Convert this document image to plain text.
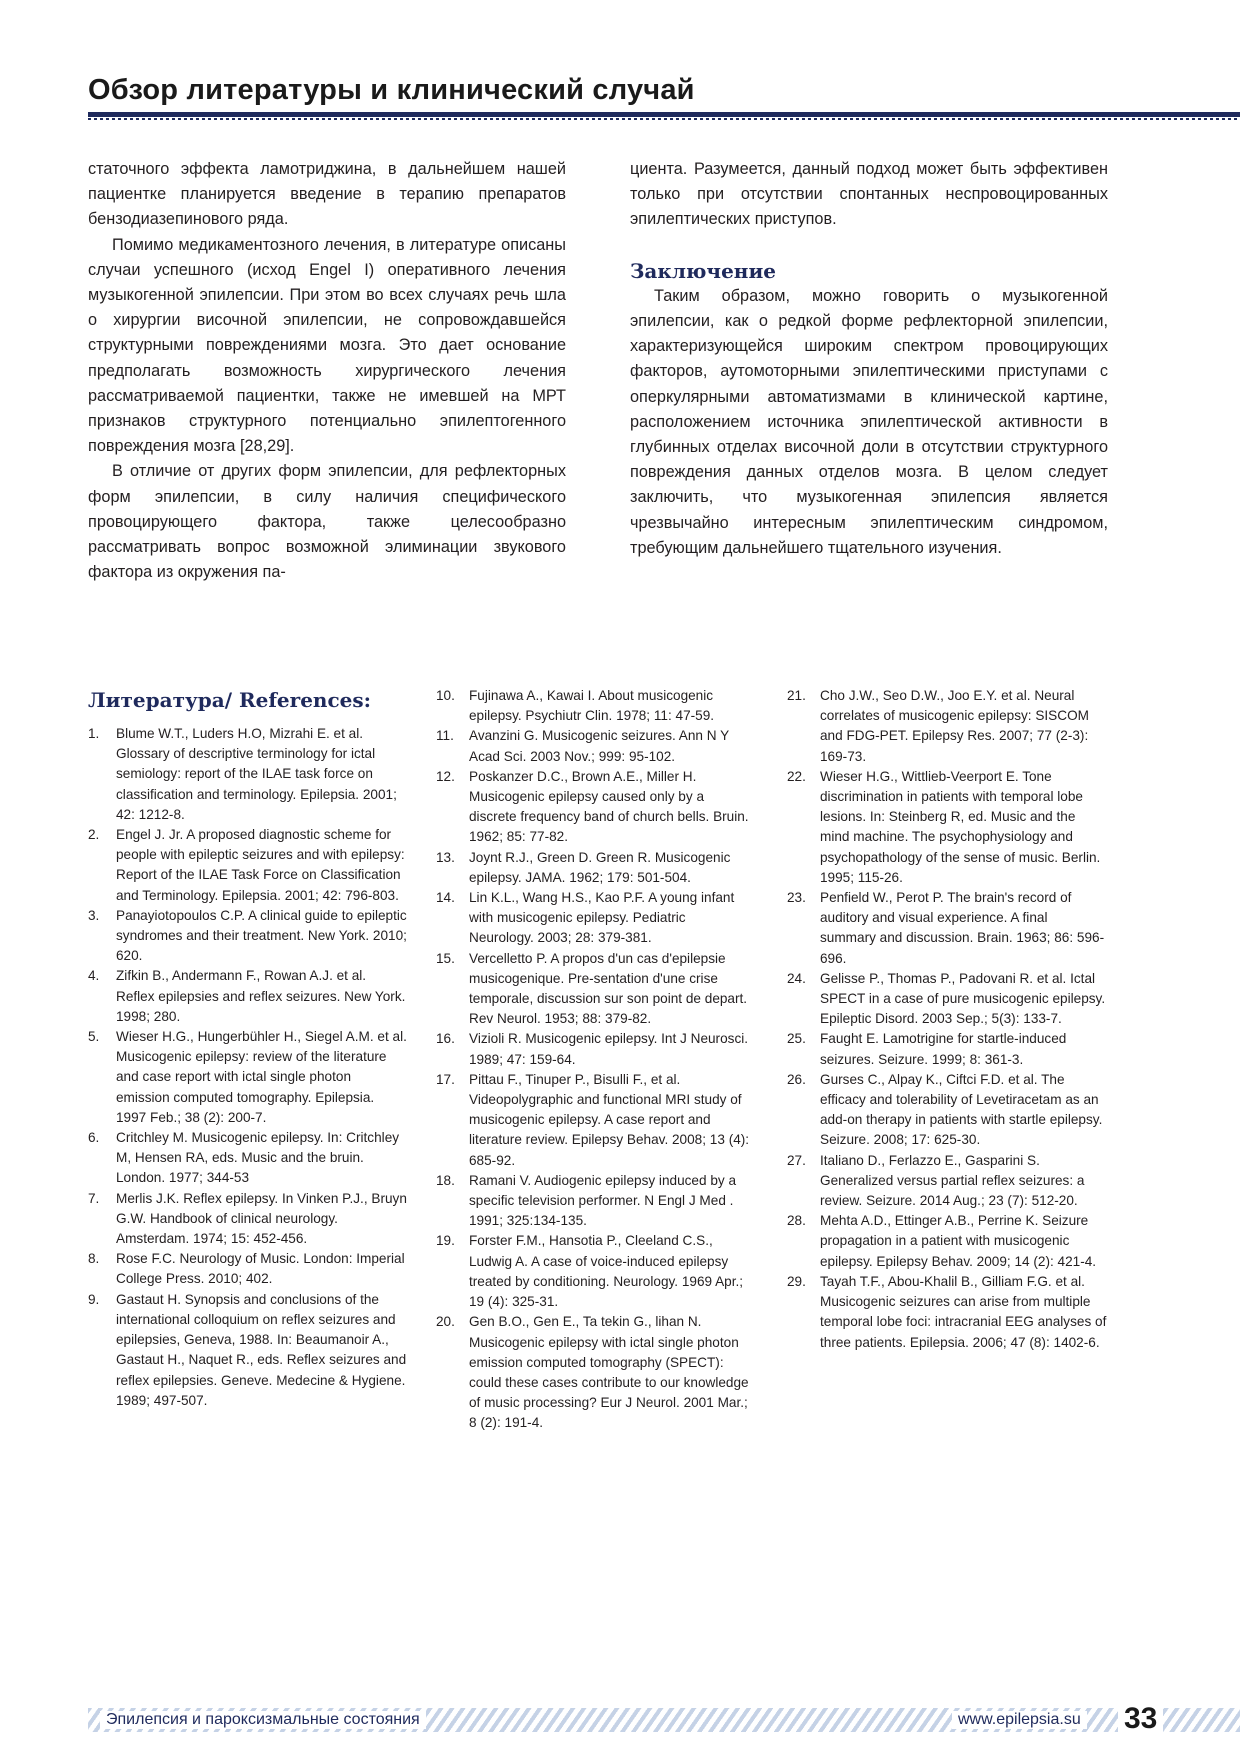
Обзор литературы и клинический случай

статочного эффекта ламотриджина, в дальнейшем нашей пациентке планируется введение в терапию препаратов бензодиазепинового ряда.

Помимо медикаментозного лечения, в литературе описаны случаи успешного (исход Engel I) оперативного лечения музыкогенной эпилепсии. При этом во всех случаях речь шла о хирургии височной эпилепсии, не сопровождавшейся структурными повреждениями мозга. Это дает основание предполагать возможность хирургического лечения рассматриваемой пациентки, также не имевшей на МРТ признаков структурного потенциально эпилептогенного повреждения мозга [28,29].

В отличие от других форм эпилепсии, для рефлекторных форм эпилепсии, в силу наличия специфического провоцирующего фактора, также целесообразно рассматривать вопрос возможной элиминации звукового фактора из окружения па-

циента. Разумеется, данный подход может быть эффективен только при отсутствии спонтанных неспровоцированных эпилептических приступов.

Заключение

Таким образом, можно говорить о музыкогенной эпилепсии, как о редкой форме рефлекторной эпилепсии, характеризующейся широким спектром провоцирующих факторов, аутомоторными эпилептическими приступами с оперкулярными автоматизмами в клинической картине, расположением источника эпилептической активности в глубинных отделах височной доли в отсутствии структурного повреждения данных отделов мозга. В целом следует заключить, что музыкогенная эпилепсия является чрезвычайно интересным эпилептическим синдромом, требующим дальнейшего тщательного изучения.

Литература/ References:
1.	Blume W.T., Luders H.O, Mizrahi E. et al. Glossary of descriptive terminology for ictal semiology: report of the ILAE task force on classification and terminology. Epilepsia. 2001; 42: 1212-8.
2.	Engel J. Jr. A proposed diagnostic scheme for people with epileptic seizures and with epilepsy: Report of the ILAE Task Force on Classification and Terminology. Epilepsia. 2001; 42: 796-803.
3.	Panayiotopoulos C.P. A clinical guide to epileptic syndromes and their treatment. New York. 2010; 620.
4.	Zifkin B., Andermann F., Rowan A.J. et al. Reflex epilepsies and reflex seizures. New York. 1998; 280.
5.	Wieser H.G., Hungerbühler H., Siegel A.M. et al. Musicogenic epilepsy: review of the literature and case report with ictal single photon emission computed tomography. Epilepsia. 1997 Feb.; 38 (2): 200-7.
6.	Critchley M. Musicogenic epilepsy. In: Critchley M, Hensen RA, eds. Music and the bruin. London. 1977; 344-53
7.	Merlis J.K. Reflex epilepsy. In Vinken P.J., Bruyn G.W. Handbook of clinical neurology. Amsterdam. 1974; 15: 452-456.
8.	Rose F.C. Neurology of Music. London: Imperial College Press. 2010; 402.
9.	Gastaut H. Synopsis and conclusions of the international colloquium on reflex seizures and epilepsies, Geneva, 1988. In: Beaumanoir A., Gastaut H., Naquet R., eds. Reflex seizures and reflex epilepsies. Geneve. Medecine & Hygiene. 1989; 497-507.
10.	Fujinawa A., Kawai I. About musicogenic epilepsy. Psychiutr Clin. 1978; 11: 47-59.
11.	Avanzini G. Musicogenic seizures. Ann N Y Acad Sci. 2003 Nov.; 999: 95-102.
12.	Poskanzer D.C., Brown A.E., Miller H. Musicogenic epilepsy caused only by a discrete frequency band of church bells. Bruin. 1962; 85: 77-82.
13.	Joynt R.J., Green D. Green R. Musicogenic epilepsy. JAMA. 1962; 179: 501-504.
14.	Lin K.L., Wang H.S., Kao P.F. A young infant with musicogenic epilepsy. Pediatric Neurology. 2003; 28: 379-381.
15.	Vercelletto P. A propos d'un cas d'epilepsie musicogenique. Pre-sentation d'une crise temporale, discussion sur son point de depart. Rev Neurol. 1953; 88: 379-82.
16.	Vizioli R. Musicogenic epilepsy. Int J Neurosci. 1989; 47: 159-64.
17.	Pittau F., Tinuper P., Bisulli F., et al. Videopolygraphic and functional MRI study of musicogenic epilepsy. A case report and literature review. Epilepsy Behav. 2008; 13 (4): 685-92.
18.	Ramani V. Audiogenic epilepsy induced by a specific television performer. N Engl J Med . 1991; 325:134-135.
19.	Forster F.M., Hansotia P., Cleeland C.S., Ludwig A. A case of voice-induced epilepsy treated by conditioning. Neurology. 1969 Apr.; 19 (4): 325-31.
20.	Gen B.O., Gen E., Ta tekin G., lihan N. Musicogenic epilepsy with ictal single photon emission computed tomography (SPECT): could these cases contribute to our knowledge of music processing? Eur J Neurol. 2001 Mar.; 8 (2): 191-4.
21.	Cho J.W., Seo D.W., Joo E.Y. et al. Neural correlates of musicogenic epilepsy: SISCOM and FDG-PET. Epilepsy Res. 2007; 77 (2-3): 169-73.
22.	Wieser H.G., Wittlieb-Veerport E. Tone discrimination in patients with temporal lobe lesions. In: Steinberg R, ed. Music and the mind machine. The psychophysiology and psychopathology of the sense of music. Berlin. 1995; 115-26.
23.	Penfield W., Perot P. The brain's record of auditory and visual experience. A final summary and discussion. Brain. 1963; 86: 596-696.
24.	Gelisse P., Thomas P., Padovani R. et al. Ictal SPECT in a case of pure musicogenic epilepsy. Epileptic Disord. 2003 Sep.; 5(3): 133-7.
25.	Faught E. Lamotrigine for startle-induced seizures. Seizure. 1999; 8: 361-3.
26.	Gurses C., Alpay K., Ciftci F.D. et al. The efficacy and tolerability of Levetiracetam as an add-on therapy in patients with startle epilepsy. Seizure. 2008; 17: 625-30.
27.	Italiano D., Ferlazzo E., Gasparini S. Generalized versus partial reflex seizures: a review. Seizure. 2014 Aug.; 23 (7): 512-20.
28.	Mehta A.D., Ettinger A.B., Perrine K. Seizure propagation in a patient with musicogenic epilepsy. Epilepsy Behav. 2009; 14 (2): 421-4.
29.	Tayah T.F., Abou-Khalil B., Gilliam F.G. et al. Musicogenic seizures can arise from multiple temporal lobe foci: intracranial EEG analyses of three patients. Epilepsia. 2006; 47 (8): 1402-6.
Эпилепсия и пароксизмальные состояния	www.epilepsia.su 33
